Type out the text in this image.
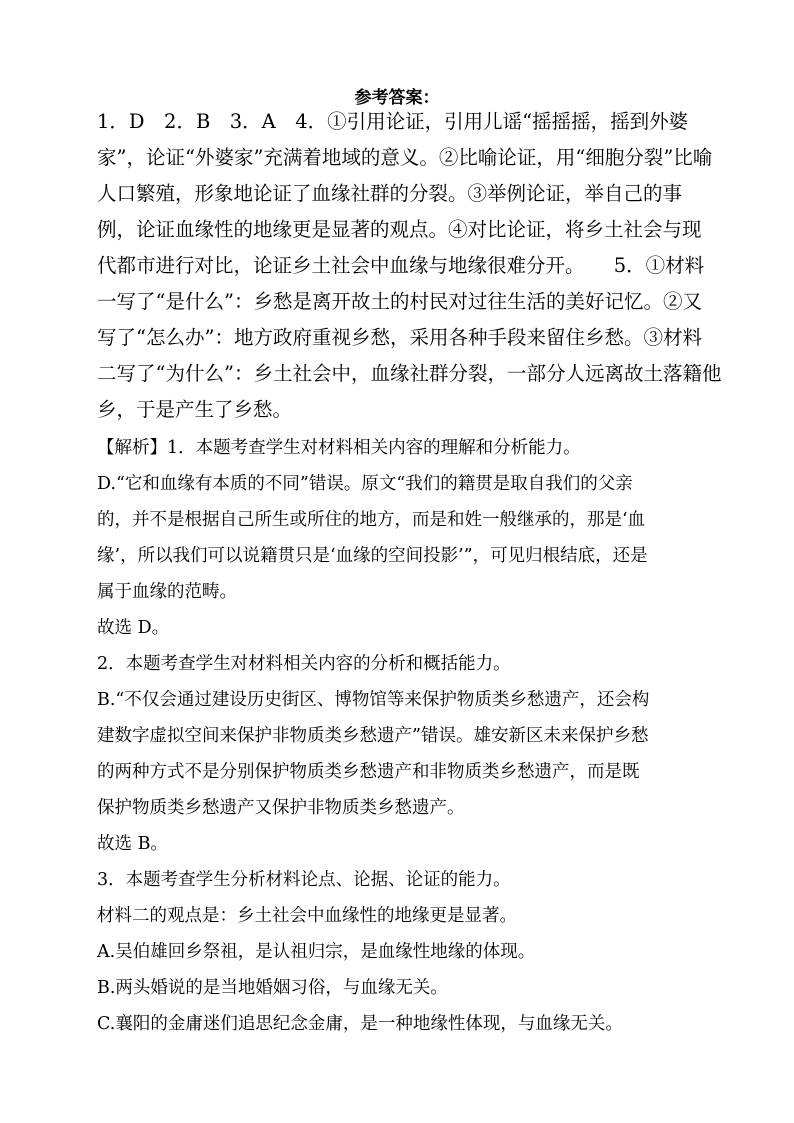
参考答案：
1．D　2．B　3．A　4．①引用论证，引用儿谣“摇摇摇，摇到外婆
家”，论证“外婆家”充满着地域的意义。②比喻论证，用“细胞分裂”比喻
人口繁殖，形象地论证了血缘社群的分裂。③举例论证，举自己的事
例，论证血缘性的地缘更是显著的观点。④对比论证，将乡土社会与现
代都市进行对比，论证乡土社会中血缘与地缘很难分开。　　5．①材料
一写了“是什么”：乡愁是离开故土的村民对过往生活的美好记忆。②又
写了“怎么办”：地方政府重视乡愁，采用各种手段来留住乡愁。③材料
二写了“为什么”：乡土社会中，血缘社群分裂，一部分人远离故土落籍他
乡，于是产生了乡愁。
【解析】1．本题考查学生对材料相关内容的理解和分析能力。
D.“它和血缘有本质的不同”错误。原文“我们的籍贯是取自我们的父亲
的，并不是根据自己所生或所住的地方，而是和姓一般继承的，那是‘血
缘’，所以我们可以说籍贯只是‘血缘的空间投影’”，可见归根结底，还是
属于血缘的范畴。
故选 D。
2．本题考查学生对材料相关内容的分析和概括能力。
B.“不仅会通过建设历史街区、博物馆等来保护物质类乡愁遗产，还会构
建数字虚拟空间来保护非物质类乡愁遗产”错误。雄安新区未来保护乡愁
的两种方式不是分别保护物质类乡愁遗产和非物质类乡愁遗产，而是既
保护物质类乡愁遗产又保护非物质类乡愁遗产。
故选 B。
3．本题考查学生分析材料论点、论据、论证的能力。
材料二的观点是：乡土社会中血缘性的地缘更是显著。
A.吴伯雄回乡祭祖，是认祖归宗，是血缘性地缘的体现。
B.两头婚说的是当地婚姻习俗，与血缘无关。
C.襄阳的金庸迷们追思纪念金庸，是一种地缘性体现，与血缘无关。
